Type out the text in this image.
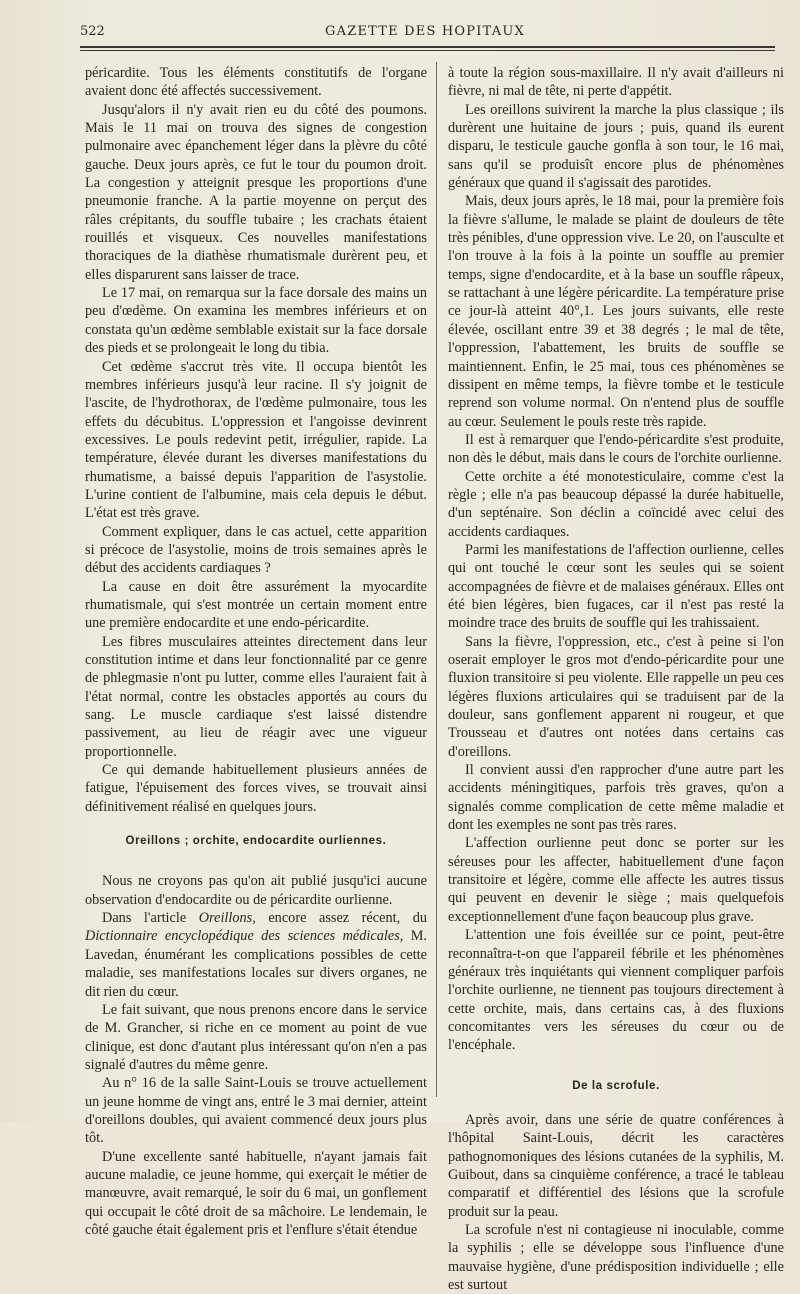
522	GAZETTE DES HOPITAUX

péricardite. Tous les éléments constitutifs de l'organe avaient donc été affectés successivement.

Jusqu'alors il n'y avait rien eu du côté des poumons. Mais le 11 mai on trouva des signes de congestion pulmonaire avec épanchement léger dans la plèvre du côté gauche. Deux jours après, ce fut le tour du poumon droit. La congestion y atteignit presque les proportions d'une pneumonie franche. A la partie moyenne on perçut des râles crépitants, du souffle tubaire ; les crachats étaient rouillés et visqueux. Ces nouvelles manifestations thoraciques de la diathèse rhumatismale durèrent peu, et elles disparurent sans laisser de trace.

Le 17 mai, on remarqua sur la face dorsale des mains un peu d'œdème. On examina les membres inférieurs et on constata qu'un œdème semblable existait sur la face dorsale des pieds et se prolongeait le long du tibia.

Cet œdème s'accrut très vite. Il occupa bientôt les membres inférieurs jusqu'à leur racine. Il s'y joignit de l'ascite, de l'hydrothorax, de l'œdème pulmonaire, tous les effets du décubitus. L'oppression et l'angoisse devinrent excessives. Le pouls redevint petit, irrégulier, rapide. La température, élevée durant les diverses manifestations du rhumatisme, a baissé depuis l'apparition de l'asystolie. L'urine contient de l'albumine, mais cela depuis le début. L'état est très grave.

Comment expliquer, dans le cas actuel, cette apparition si précoce de l'asystolie, moins de trois semaines après le début des accidents cardiaques ?

La cause en doit être assurément la myocardite rhumatismale, qui s'est montrée un certain moment entre une première endocardite et une endo-péricardite.

Les fibres musculaires atteintes directement dans leur constitution intime et dans leur fonctionnalité par ce genre de phlegmasie n'ont pu lutter, comme elles l'auraient fait à l'état normal, contre les obstacles apportés au cours du sang. Le muscle cardiaque s'est laissé distendre passivement, au lieu de réagir avec une vigueur proportionnelle.

Ce qui demande habituellement plusieurs années de fatigue, l'épuisement des forces vives, se trouvait ainsi définitivement réalisé en quelques jours.

Oreillons ; orchite, endocardite ourliennes.

Nous ne croyons pas qu'on ait publié jusqu'ici aucune observation d'endocardite ou de péricardite ourlienne.

Dans l'article Oreillons, encore assez récent, du Dictionnaire encyclopédique des sciences médicales, M. Lavedan, énumérant les complications possibles de cette maladie, ses manifestations locales sur divers organes, ne dit rien du cœur.

Le fait suivant, que nous prenons encore dans le service de M. Grancher, si riche en ce moment au point de vue clinique, est donc d'autant plus intéressant qu'on n'en a pas signalé d'autres du même genre.

Au n° 16 de la salle Saint-Louis se trouve actuellement un jeune homme de vingt ans, entré le 3 mai dernier, atteint d'oreillons doubles, qui avaient commencé deux jours plus tôt.

D'une excellente santé habituelle, n'ayant jamais fait aucune maladie, ce jeune homme, qui exerçait le métier de manœuvre, avait remarqué, le soir du 6 mai, un gonflement qui occupait le côté droit de sa mâchoire. Le lendemain, le côté gauche était également pris et l'enflure s'était étendue

à toute la région sous-maxillaire. Il n'y avait d'ailleurs ni fièvre, ni mal de tête, ni perte d'appétit.

Les oreillons suivirent la marche la plus classique ; ils durèrent une huitaine de jours ; puis, quand ils eurent disparu, le testicule gauche gonfla à son tour, le 16 mai, sans qu'il se produisît encore plus de phénomènes généraux que quand il s'agissait des parotides.

Mais, deux jours après, le 18 mai, pour la première fois la fièvre s'allume, le malade se plaint de douleurs de tête très pénibles, d'une oppression vive. Le 20, on l'ausculte et l'on trouve à la fois à la pointe un souffle au premier temps, signe d'endocardite, et à la base un souffle râpeux, se rattachant à une légère péricardite. La température prise ce jour-là atteint 40°,1. Les jours suivants, elle reste élevée, oscillant entre 39 et 38 degrés ; le mal de tête, l'oppression, l'abattement, les bruits de souffle se maintiennent. Enfin, le 25 mai, tous ces phénomènes se dissipent en même temps, la fièvre tombe et le testicule reprend son volume normal. On n'entend plus de souffle au cœur. Seulement le pouls reste très rapide.

Il est à remarquer que l'endo-péricardite s'est produite, non dès le début, mais dans le cours de l'orchite ourlienne.

Cette orchite a été monotesticulaire, comme c'est la règle ; elle n'a pas beaucoup dépassé la durée habituelle, d'un septénaire. Son déclin a coïncidé avec celui des accidents cardiaques.

Parmi les manifestations de l'affection ourlienne, celles qui ont touché le cœur sont les seules qui se soient accompagnées de fièvre et de malaises généraux. Elles ont été bien légères, bien fugaces, car il n'est pas resté la moindre trace des bruits de souffle qui les trahissaient.

Sans la fièvre, l'oppression, etc., c'est à peine si l'on oserait employer le gros mot d'endo-péricardite pour une fluxion transitoire si peu violente. Elle rappelle un peu ces légères fluxions articulaires qui se traduisent par de la douleur, sans gonflement apparent ni rougeur, et que Trousseau et d'autres ont notées dans certains cas d'oreillons.

Il convient aussi d'en rapprocher d'une autre part les accidents méningitiques, parfois très graves, qu'on a signalés comme complication de cette même maladie et dont les exemples ne sont pas très rares.

L'affection ourlienne peut donc se porter sur les séreuses pour les affecter, habituellement d'une façon transitoire et légère, comme elle affecte les autres tissus qui peuvent en devenir le siège ; mais quelquefois exceptionnellement d'une façon beaucoup plus grave.

L'attention une fois éveillée sur ce point, peut-être reconnaîtra-t-on que l'appareil fébrile et les phénomènes généraux très inquiétants qui viennent compliquer parfois l'orchite ourlienne, ne tiennent pas toujours directement à cette orchite, mais, dans certains cas, à des fluxions concomitantes vers les séreuses du cœur ou de l'encéphale.

De la scrofule.

Après avoir, dans une série de quatre conférences à l'hôpital Saint-Louis, décrit les caractères pathognomoniques des lésions cutanées de la syphilis, M. Guibout, dans sa cinquième conférence, a tracé le tableau comparatif et différentiel des lésions que la scrofule produit sur la peau.

La scrofule n'est ni contagieuse ni inoculable, comme la syphilis ; elle se développe sous l'influence d'une mauvaise hygiène, d'une prédisposition individuelle ; elle est surtout
